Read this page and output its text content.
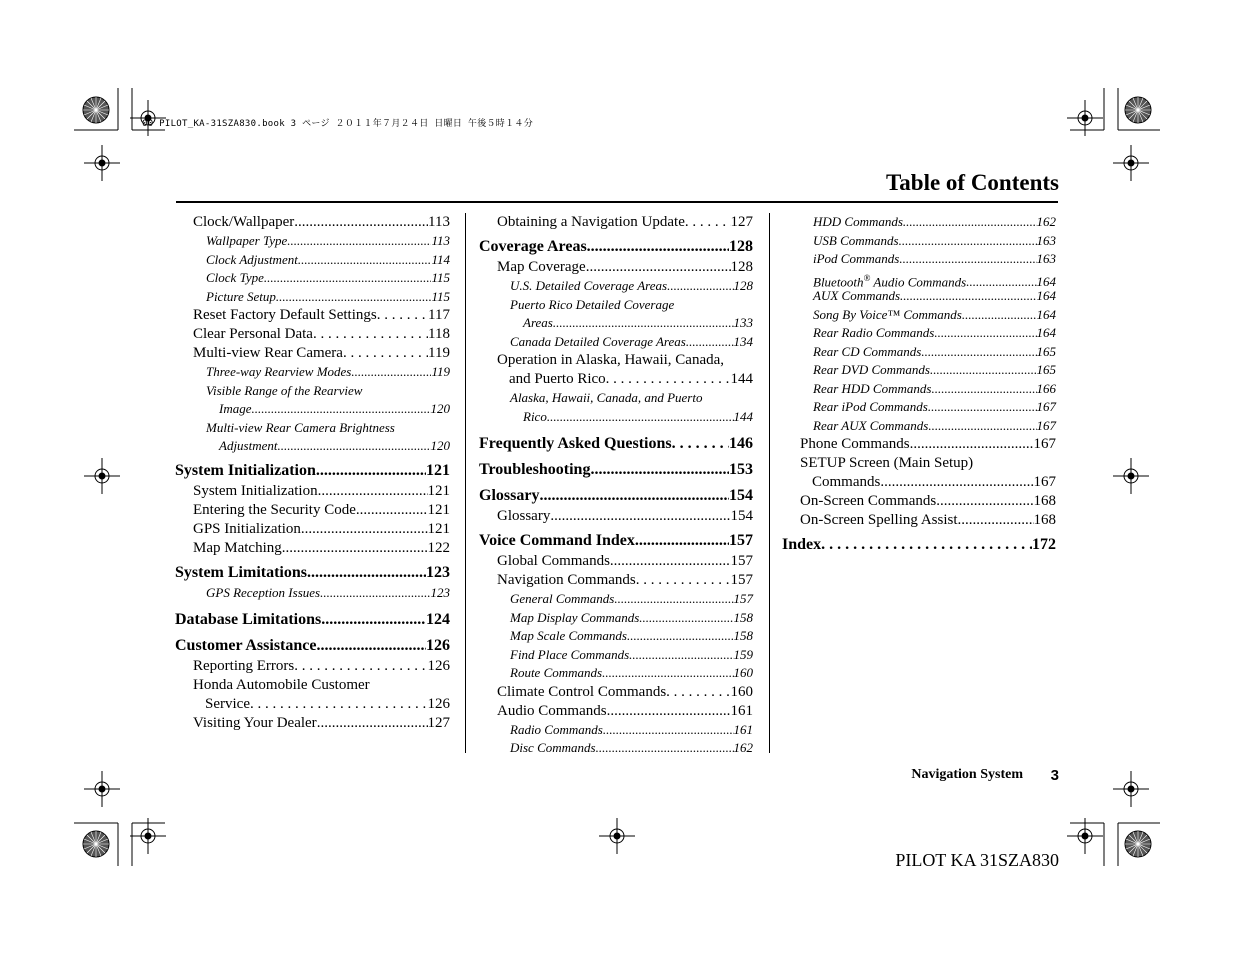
00 PILOT_KA-31SZA830.book 3 ページ ２０１１年７月２４日 日曜日 午後５時１４分
Table of Contents
Clock/Wallpaper .....	113
Wallpaper Type .....	113
Clock Adjustment .....	114
Clock Type .....	115
Picture Setup .....	115
Reset Factory Default Settings . . .	117
Clear Personal Data . . .	118
Multi-view Rear Camera . . .	119
Three-way Rearview Modes .....	119
Visible Range of the Rearview
Image .....	120
Multi-view Rear Camera Brightness
Adjustment .....	120
System Initialization .....	121
System Initialization .....	121
Entering the Security Code .....	121
GPS Initialization .....	121
Map Matching .....	122
System Limitations .....	123
GPS Reception Issues .....	123
Database Limitations .....	124
Customer Assistance .....	126
Reporting Errors . . .	126
Honda Automobile Customer
Service . . .	126
Visiting Your Dealer .....	127
Obtaining a Navigation Update . . .	127
Coverage Areas .....	128
Map Coverage .....	128
U.S. Detailed Coverage Areas .....	128
Puerto Rico Detailed Coverage
Areas .....	133
Canada Detailed Coverage Areas .....	134
Operation in Alaska, Hawaii, Canada,
and Puerto Rico . . .	144
Alaska, Hawaii, Canada, and Puerto
Rico .....	144
Frequently Asked Questions . . .	146
Troubleshooting .....	153
Glossary .....	154
Glossary .....	154
Voice Command Index .....	157
Global Commands .....	157
Navigation Commands . . .	157
General Commands .....	157
Map Display Commands .....	158
Map Scale Commands .....	158
Find Place Commands .....	159
Route Commands .....	160
Climate Control Commands . . .	160
Audio Commands .....	161
Radio Commands .....	161
Disc Commands .....	162
HDD Commands .....	162
USB Commands .....	163
iPod Commands .....	163
Bluetooth® Audio Commands .....	164
AUX Commands .....	164
Song By Voice™ Commands .....	164
Rear Radio Commands .....	164
Rear CD Commands .....	165
Rear DVD Commands .....	165
Rear HDD Commands .....	166
Rear iPod Commands .....	167
Rear AUX Commands .....	167
Phone Commands .....	167
SETUP Screen (Main Setup)
Commands .....	167
On-Screen Commands .....	168
On-Screen Spelling Assist .....	168
Index . . .	172
Navigation System 3
PILOT KA 31SZA830
